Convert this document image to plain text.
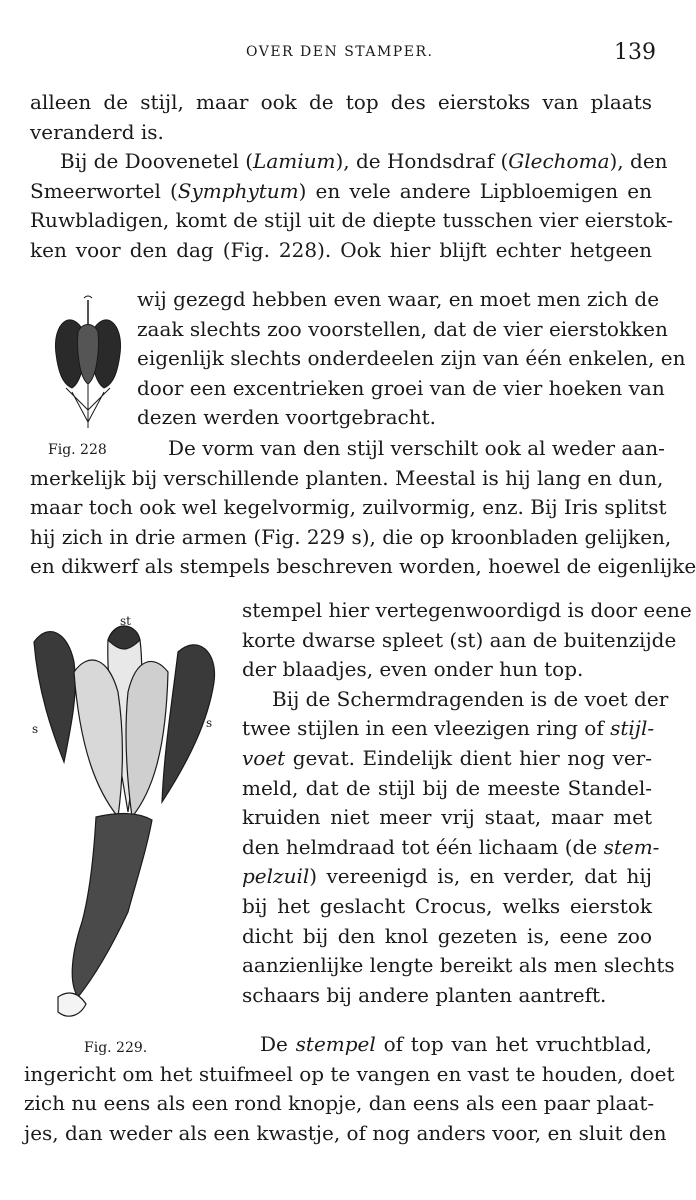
OVER DEN STAMPER.	139
alleen de stijl, maar ook de top des eierstoks van plaats
veranderd is.
Bij de Doovenetel (Lamium), de Hondsdraf (Glechoma), den
Smeerwortel (Symphytum) en vele andere Lipbloemigen en
Ruwbladigen, komt de stijl uit de diepte tusschen vier eierstok-
ken voor den dag (Fig. 228). Ook hier blijft echter hetgeen
wij gezegd hebben even waar, en moet men zich de
zaak slechts zoo voorstellen, dat de vier eierstokken
eigenlijk slechts onderdeelen zijn van één enkelen, en
door een excentrieken groei van de vier hoeken van
dezen werden voortgebracht.
Fig. 228	De vorm van den stijl verschilt ook al weder aan-
merkelijk bij verschillende planten. Meestal is hij lang en dun,
maar toch ook wel kegelvormig, zuilvormig, enz. Bij Iris splitst
hij zich in drie armen (Fig. 229 s), die op kroonbladen gelijken,
en dikwerf als stempels beschreven worden, hoewel de eigenlijke
st
s	s
stempel hier vertegenwoordigd is door eene
korte dwarse spleet (st) aan de buitenzijde
der blaadjes, even onder hun top.
Bij de Schermdragenden is de voet der
twee stijlen in een vleezigen ring of stijl-
voet gevat. Eindelijk dient hier nog ver-
meld, dat de stijl bij de meeste Standel-
kruiden niet meer vrij staat, maar met
den helmdraad tot één lichaam (de stem-
pelzuil) vereenigd is, en verder, dat hij
bij het geslacht Crocus, welks eierstok
dicht bij den knol gezeten is, eene zoo
aanzienlijke lengte bereikt als men slechts
schaars bij andere planten aantreft.
Fig. 229.	De stempel of top van het vruchtblad,
ingericht om het stuifmeel op te vangen en vast te houden, doet
zich nu eens als een rond knopje, dan eens als een paar plaat-
jes, dan weder als een kwastje, of nog anders voor, en sluit den
